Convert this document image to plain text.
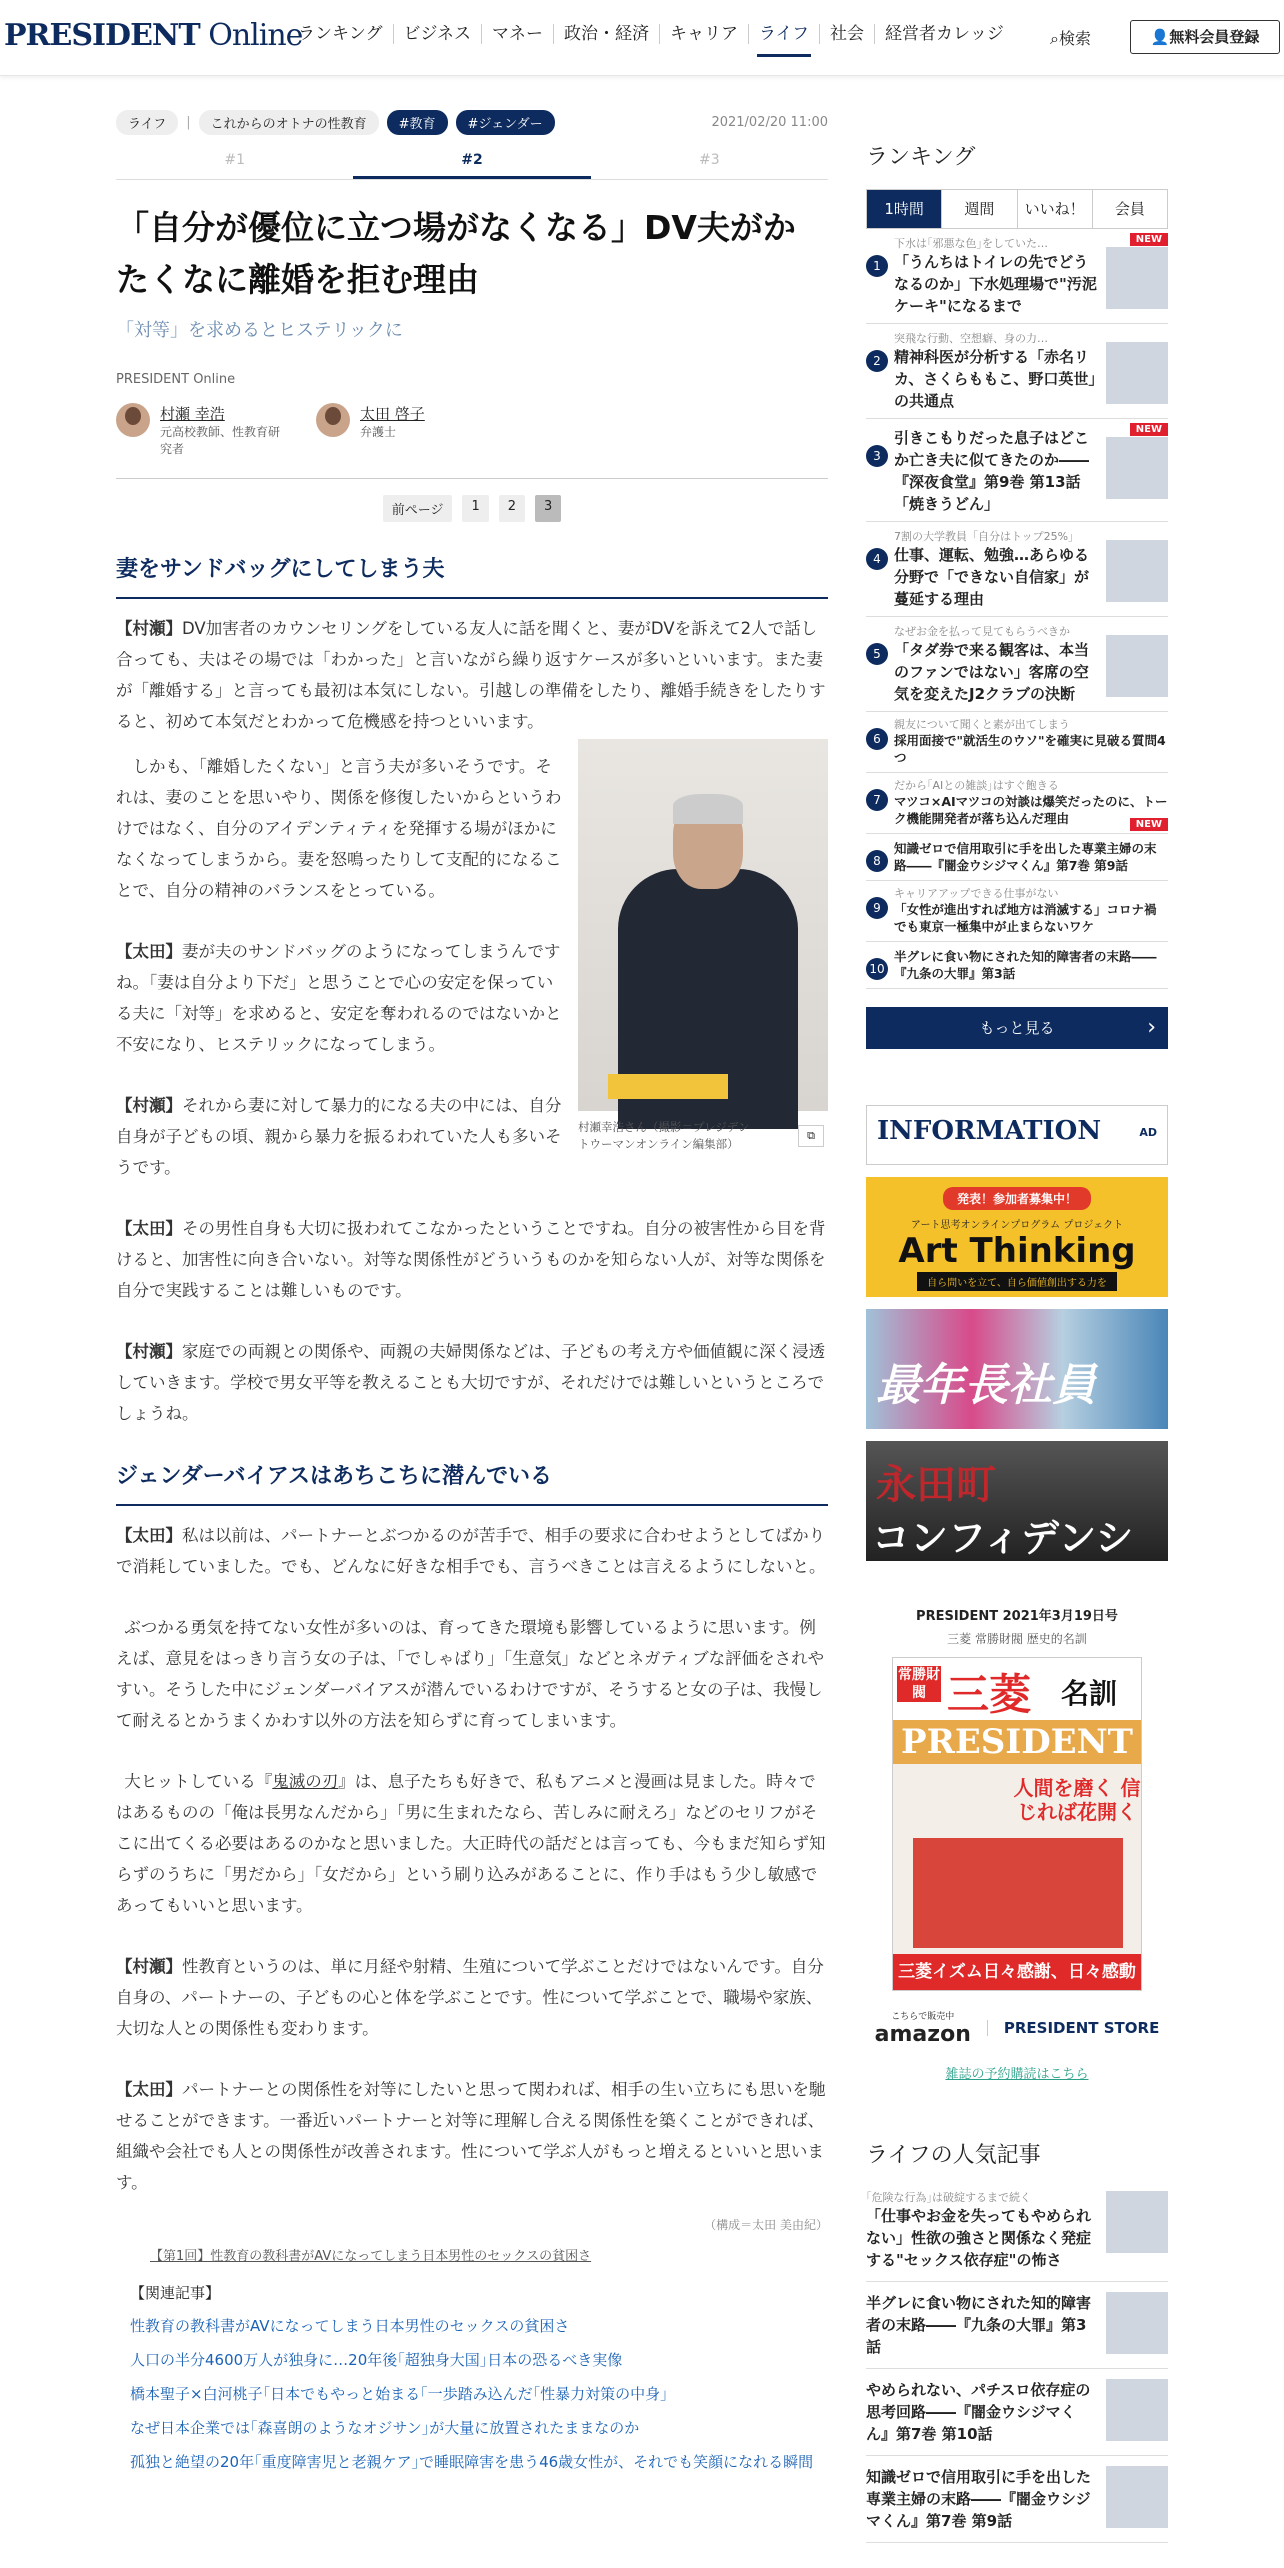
PRESIDENT Online
ランキング	ビジネス	マネー	政治・経済	キャリア	ライフ	社会	経営者カレッジ	⌕検索	👤無料会員登録
ライフ	|	これからのオトナの性教育	#教育	#ジェンダー	2021/02/20 11:00
#1	#2	#3
「自分が優位に立つ場がなくなる」DV夫がかたくなに離婚を拒む理由
「対等」を求めるとヒステリックに
PRESIDENT Online
村瀬 幸浩
元高校教師、性教育研究者
太田 啓子
弁護士
前ページ	1	2	3
妻をサンドバッグにしてしまう夫

【村瀬】DV加害者のカウンセリングをしている友人に話を聞くと、妻がDVを訴えて2人で話し合っても、夫はその場では「わかった」と言いながら繰り返すケースが多いといいます。また妻が「離婚する」と言っても最初は本気にしない。引越しの準備をしたり、離婚手続きをしたりすると、初めて本気だとわかって危機感を持つといいます。

村瀬幸浩さん（撮影＝プレジデントウーマンオンライン編集部）
⧉

しかも、「離婚したくない」と言う夫が多いそうです。それは、妻のことを思いやり、関係を修復したいからというわけではなく、自分のアイデンティティを発揮する場がほかになくなってしまうから。妻を怒鳴ったりして支配的になることで、自分の精神のバランスをとっている。

【太田】妻が夫のサンドバッグのようになってしまうんですね。「妻は自分より下だ」と思うことで心の安定を保っている夫に「対等」を求めると、安定を奪われるのではないかと不安になり、ヒステリックになってしまう。

【村瀬】それから妻に対して暴力的になる夫の中には、自分自身が子どもの頃、親から暴力を振るわれていた人も多いそうです。

【太田】その男性自身も大切に扱われてこなかったということですね。自分の被害性から目を背けると、加害性に向き合いない。対等な関係性がどういうものかを知らない人が、対等な関係を自分で実践することは難しいものです。

【村瀬】家庭での両親との関係や、両親の夫婦関係などは、子どもの考え方や価値観に深く浸透していきます。学校で男女平等を教えることも大切ですが、それだけでは難しいというところでしょうね。

ジェンダーバイアスはあちこちに潜んでいる

【太田】私は以前は、パートナーとぶつかるのが苦手で、相手の要求に合わせようとしてばかりで消耗していました。でも、どんなに好きな相手でも、言うべきことは言えるようにしないと。

ぶつかる勇気を持てない女性が多いのは、育ってきた環境も影響しているように思います。例えば、意見をはっきり言う女の子は、「でしゃばり」「生意気」などとネガティブな評価をされやすい。そうした中にジェンダーバイアスが潜んでいるわけですが、そうすると女の子は、我慢して耐えるとかうまくかわす以外の方法を知らずに育ってしまいます。

大ヒットしている『鬼滅の刃』は、息子たちも好きで、私もアニメと漫画は見ました。時々ではあるものの「俺は長男なんだから」「男に生まれたなら、苦しみに耐えろ」などのセリフがそこに出てくる必要はあるのかなと思いました。大正時代の話だとは言っても、今もまだ知らず知らずのうちに「男だから」「女だから」という刷り込みがあることに、作り手はもう少し敏感であってもいいと思います。

【村瀬】性教育というのは、単に月経や射精、生殖について学ぶことだけではないんです。自分自身の、パートナーの、子どもの心と体を学ぶことです。性について学ぶことで、職場や家族、大切な人との関係性も変わります。

【太田】パートナーとの関係性を対等にしたいと思って関われば、相手の生い立ちにも思いを馳せることができます。一番近いパートナーと対等に理解し合える関係性を築くことができれば、組織や会社でも人との関係性が改善されます。性について学ぶ人がもっと増えるといいと思います。

（構成＝太田 美由紀）
【第1回】性教育の教科書がAVになってしまう日本男性のセックスの貧困さ
【関連記事】
性教育の教科書がAVになってしまう日本男性のセックスの貧困さ
人口の半分4600万人が独身に…20年後｢超独身大国｣日本の恐るべき実像
橋本聖子×白河桃子｢日本でもやっと始まる｢一歩踏み込んだ｢性暴力対策の中身｣
なぜ日本企業では｢森喜朗のようなオジサン｣が大量に放置されたままなのか
孤独と絶望の20年｢重度障害児と老親ケア｣で睡眠障害を患う46歳女性が、それでも笑顔になれる瞬間
ランキング
1時間	週間	いいね！	会員
1
下水は｢邪悪な色｣をしていた…
「うんちはトイレの先でどうなるのか」下水処理場で"汚泥ケーキ"になるまで
NEW
2
突飛な行動、空想癖、身の力…
精神科医が分析する「赤名リカ、さくらももこ、野口英世」の共通点
3
引きこもりだった息子はどこか亡き夫に似てきたのか――『深夜食堂』第9巻 第13話「焼きうどん」
NEW
4
7割の大学教員「自分はトップ25%」
仕事、運転、勉強…あらゆる分野で「できない自信家」が蔓延する理由
5
なぜお金を払って見てもらうべきか
「タダ券で来る観客は、本当のファンではない」客席の空気を変えたJ2クラブの決断
6
親友について聞くと素が出てしまう
採用面接で"就活生のウソ"を確実に見破る質問4つ
7
だから｢AIとの雑談｣はすぐ飽きる
マツコ×AIマツコの対談は爆笑だったのに、トーク機能開発者が落ち込んだ理由	NEW
8
知識ゼロで信用取引に手を出した専業主婦の末路――『闇金ウシジマくん』第7巻 第9話
9
キャリアアップできる仕事がない
「女性が進出すれば地方は消滅する」コロナ禍でも東京一極集中が止まらないワケ
10
半グレに食い物にされた知的障害者の末路――『九条の大罪』第3話
もっと見る ›
INFORMATION	AD
発表！参加者募集中！
アート思考オンラインプログラム プロジェクト
Art Thinking
自ら問いを立て、自ら価値創出する力を
最年長社員
永田町
コンフィデンシャル
PRESIDENT 2021年3月19日号
三菱 常勝財閥 歴史的名訓
常勝財閥 三菱 名訓
PRESIDENT
人間を磨く 信じれば花開く
三菱イズム日々感謝、日々感動
こちらで販売中
amazon	PRESIDENT STORE
雑誌の予約購読はこちら
ライフの人気記事
｢危険な行為｣は破綻するまで続く
「仕事やお金を失ってもやめられない」性欲の強さと関係なく発症する"セックス依存症"の怖さ
半グレに食い物にされた知的障害者の末路――『九条の大罪』第3話
やめられない、パチスロ依存症の思考回路――『闇金ウシジマくん』第7巻 第10話
知識ゼロで信用取引に手を出した専業主婦の末路――『闇金ウシジマくん』第7巻 第9話
